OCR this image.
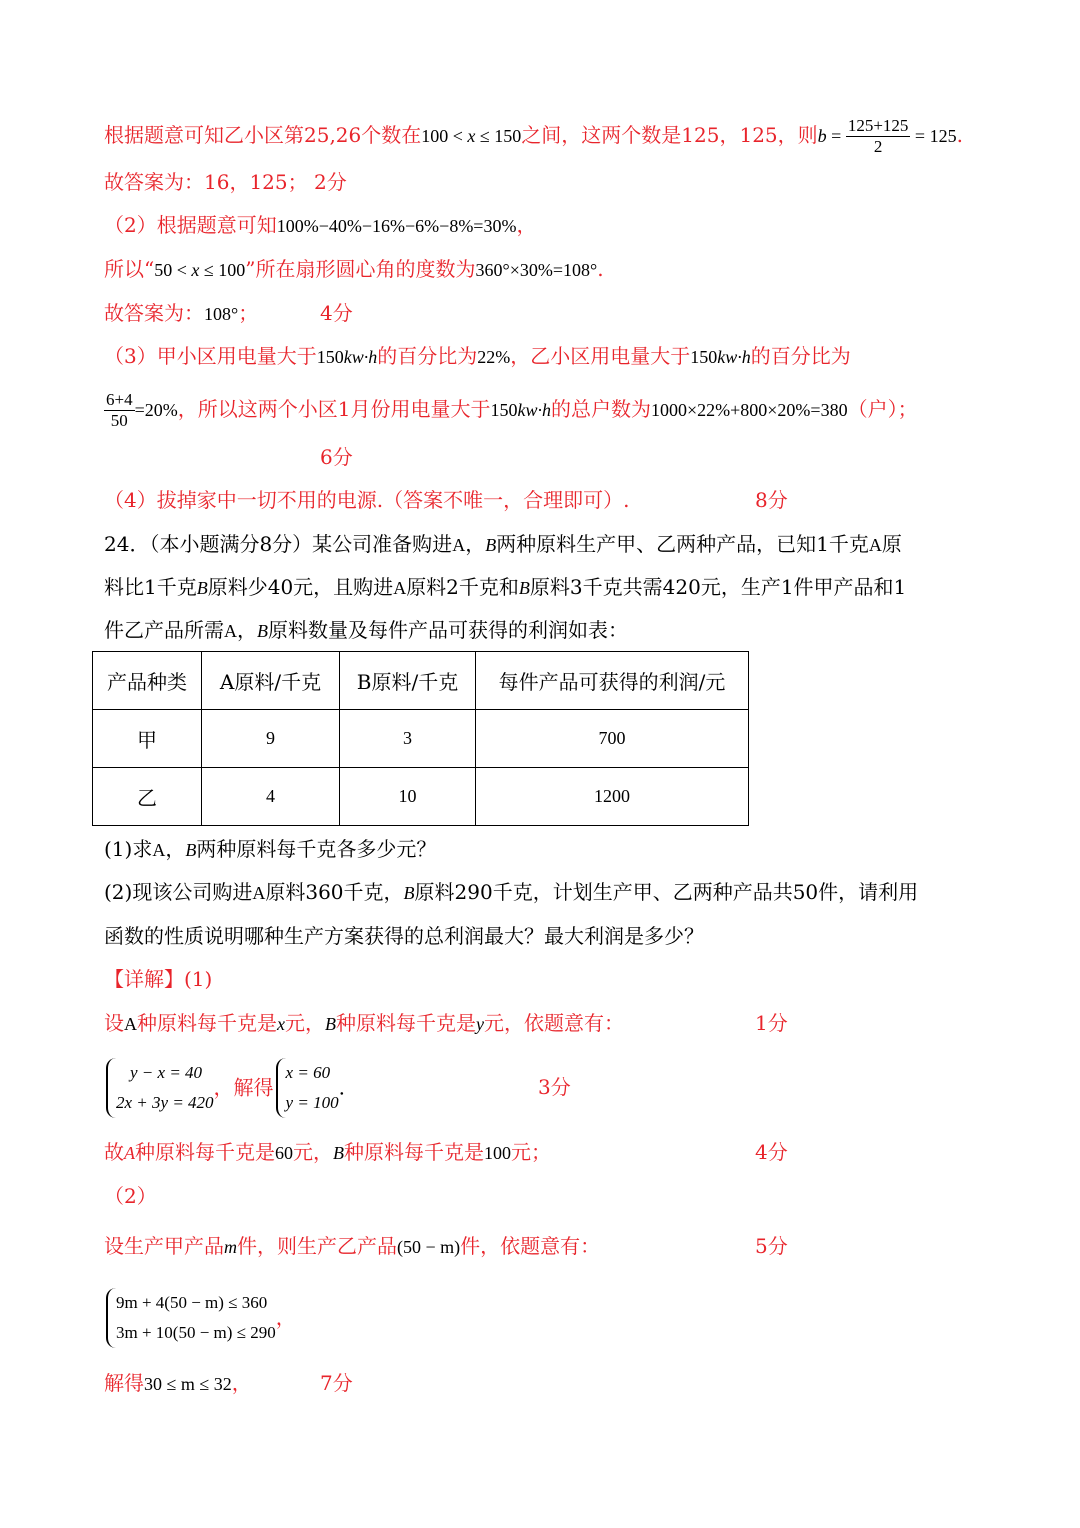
根据题意可知乙小区第25,26个数在100 < x ≤ 150之间，这两个数是125，125，则$b = \frac{125+125}{2} = 125$.
故答案为：16，125； 2分
（2）根据题意可知100%−40%−16%−6%−8%=30%，
所以“50 < x ≤ 100”所在扇形圆心角的度数为360°×30%=108°.
故答案为：108°；	4分
（3）甲小区用电量大于150kw·h的百分比为22%，乙小区用电量大于150kw·h的百分比为
$\frac{6+4}{50} =20\%$，所以这两个小区1月份用电量大于150kw·h的总户数为1000×22%+800×20%=380（户）；
6分
（4）拔掉家中一切不用的电源.（答案不唯一，合理即可）.	8分
24．（本小题满分8分）某公司准备购进A，B两种原料生产甲、乙两种产品，已知1千克A原
料比1千克B原料少40元，且购进A原料2千克和B原料3千克共需420元，生产1件甲产品和1
件乙产品所需A，B原料数量及每件产品可获得的利润如表：
产品种类	A原料/千克	B原料/千克	每件产品可获得的利润/元
甲	9	3	700
乙	4	10	1200
(1)求A，B两种原料每千克各多少元？
(2)现该公司购进A原料360千克，B原料290千克，计划生产甲、乙两种产品共50件，请利用
函数的性质说明哪种生产方案获得的总利润最大？最大利润是多少？
【详解】(1)
设A种原料每千克是x元，B种原料每千克是y元，依题意有：	1分
y − x = 40
2x + 3y = 420
，解得
x = 60
y = 100
.	3分
故A种原料每千克是60元，B种原料每千克是100元；	4分
（2）
设生产甲产品m件，则生产乙产品(50 − m)件，依题意有：	5分
9m + 4(50 − m) ≤ 360
3m + 10(50 − m) ≤ 290
，
解得30 ≤ m ≤ 32，	7分
